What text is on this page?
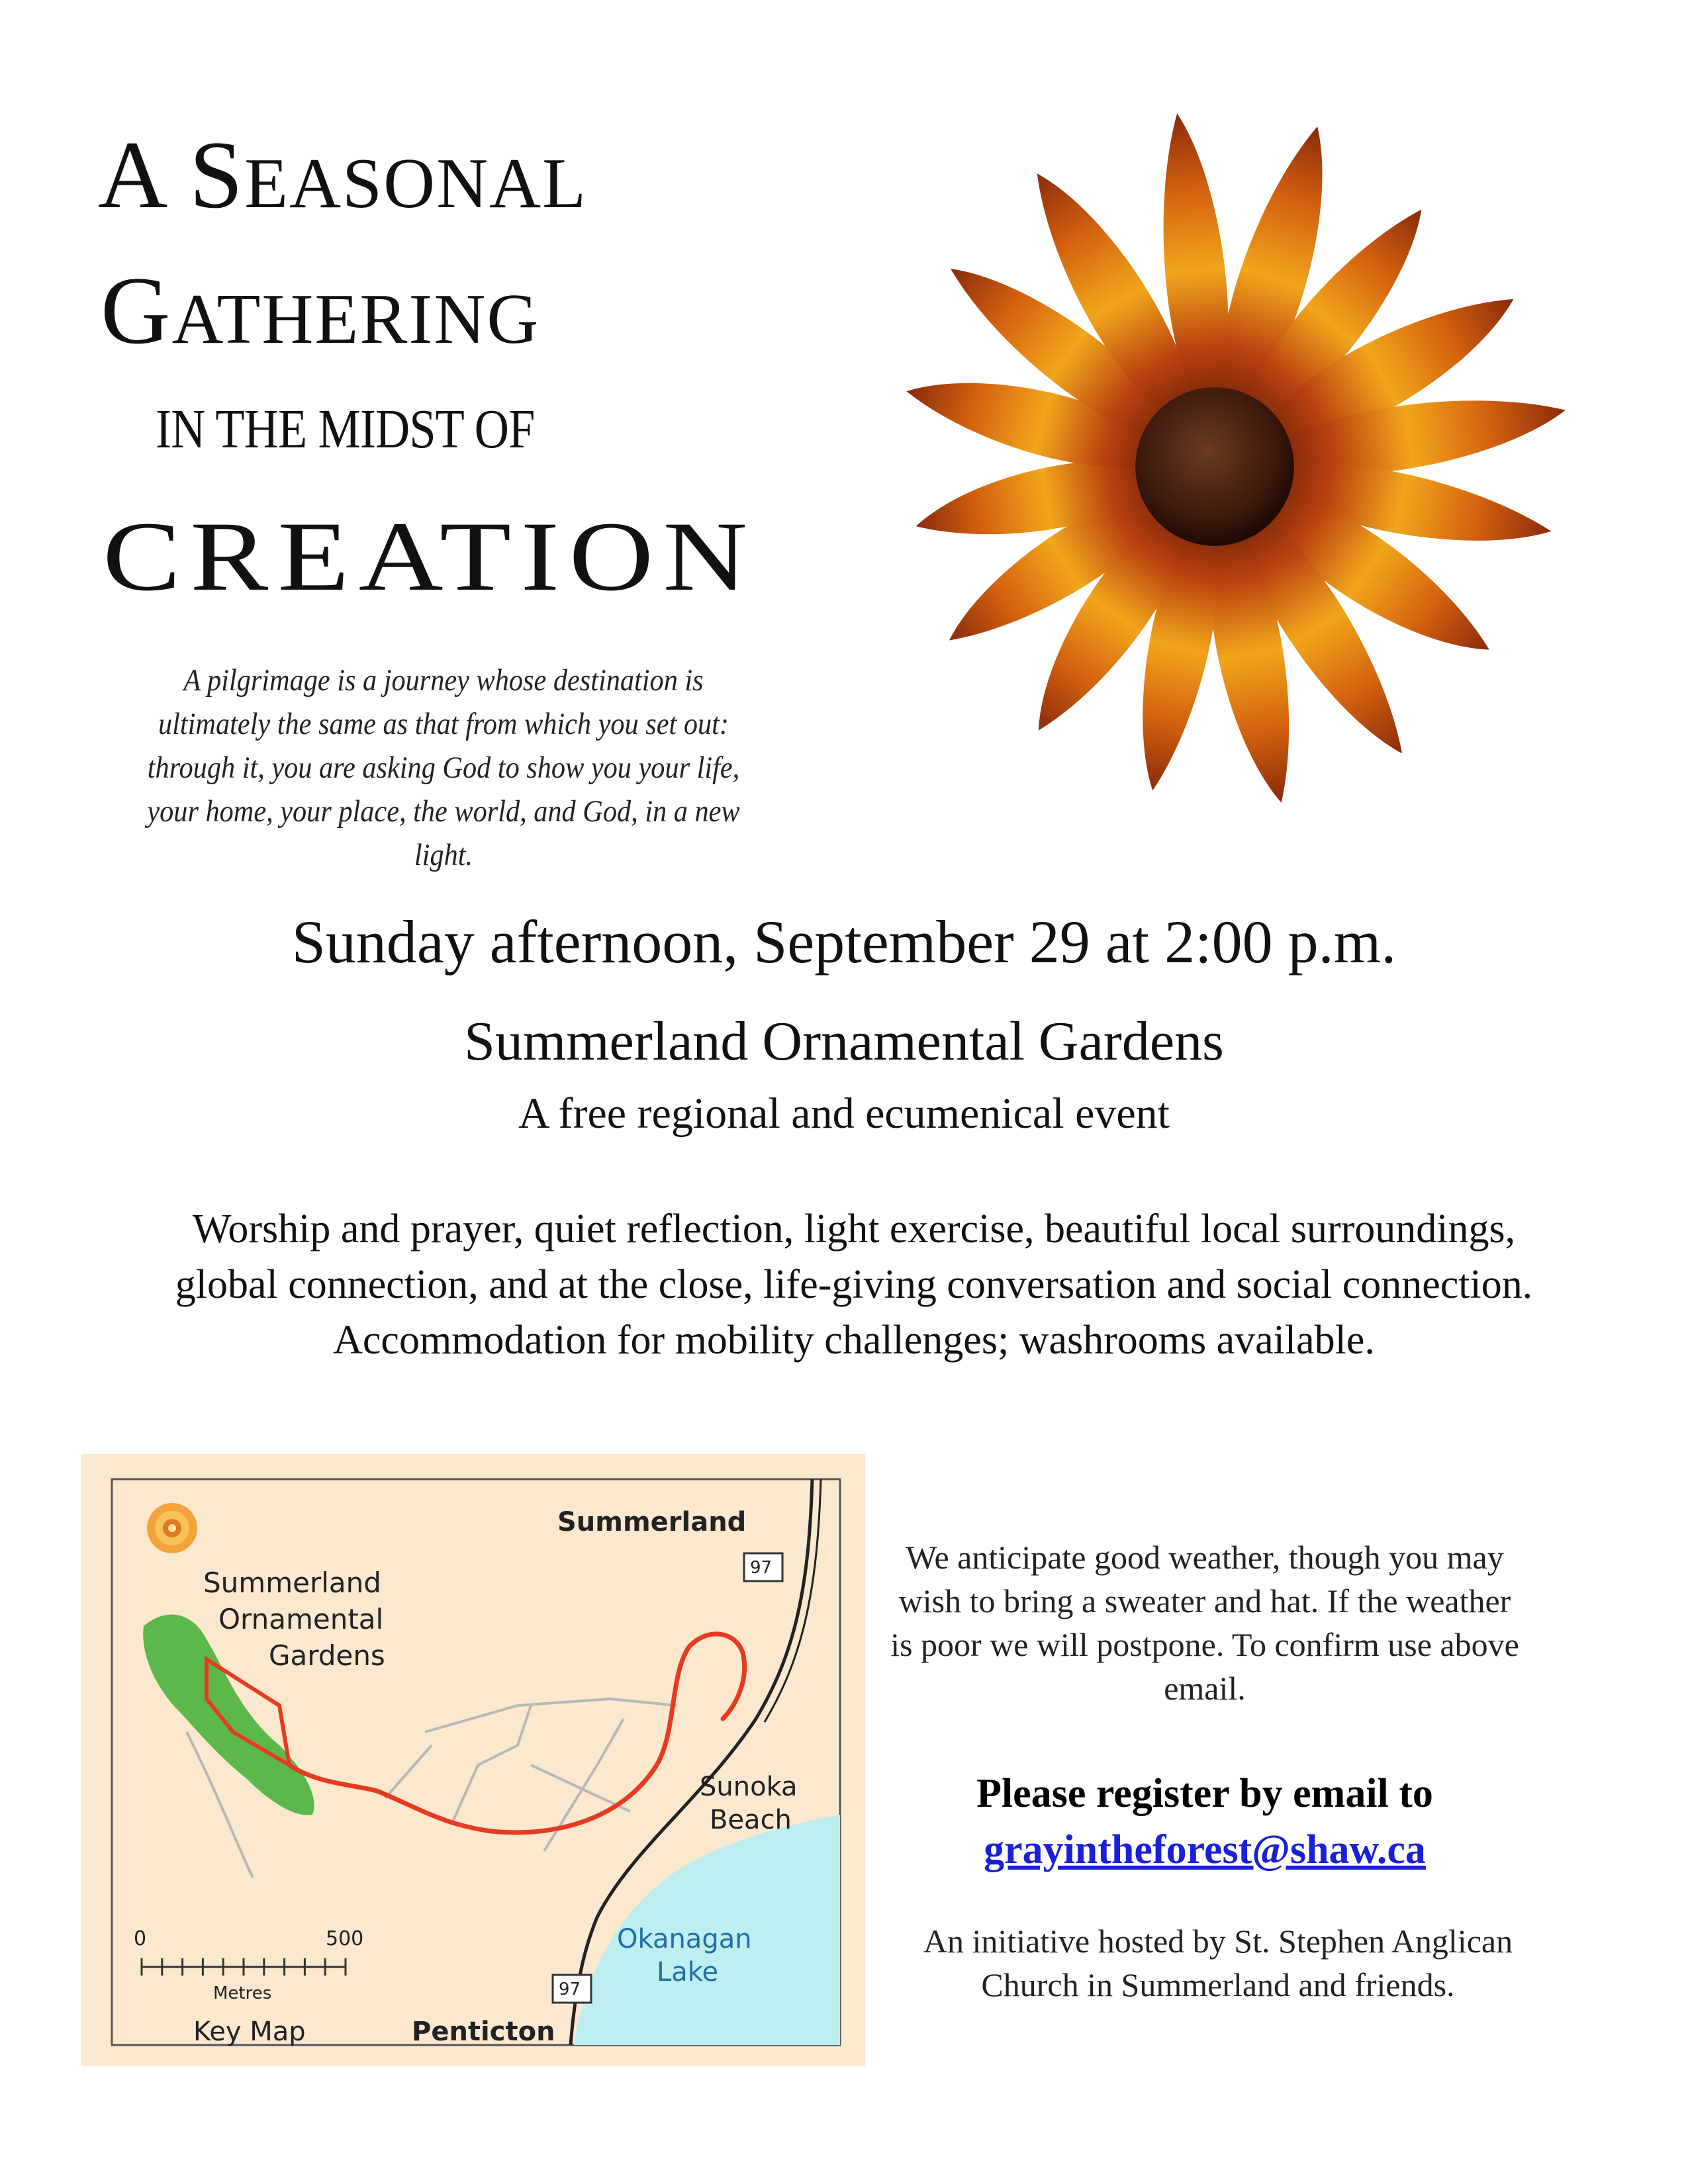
A SEASONAL
GATHERING
IN THE MIDST OF
CREATION
A pilgrimage is a journey whose destination is ultimately the same as that from which you set out: through it, you are asking God to show you your life, your home, your place, the world, and God, in a new light.
Sunday afternoon, September 29 at 2:00 p.m.
Summerland Ornamental Gardens
A free regional and ecumenical event
Worship and prayer, quiet reflection, light exercise, beautiful local surroundings, global connection, and at the close, life-giving conversation and social connection. Accommodation for mobility challenges; washrooms available.
Summerland
97
Summerland
Ornamental
Gardens
Sunoka
Beach
Okanagan
Lake
97
0	500
Metres
Key Map	Penticton
We anticipate good weather, though you may wish to bring a sweater and hat. If the weather is poor we will postpone. To confirm use above email.
Please register by email to
grayintheforest@shaw.ca
An initiative hosted by St. Stephen Anglican Church in Summerland and friends.
